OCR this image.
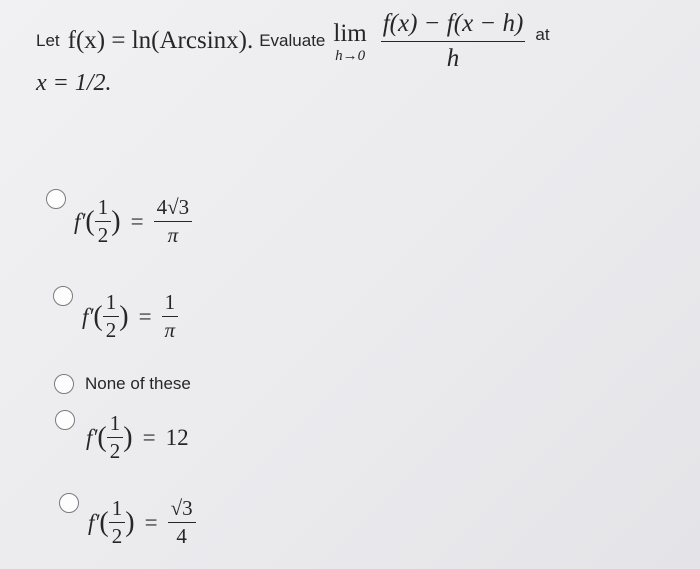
Let f(x) = ln(Arcsinx). Evaluate lim
$h\to 0 \frac{f(x) - f(x - h)}{h}$ at
x = 1/2.
f′ ( $\frac{1}{2}$ ) = $\frac{4√3}{\pi}$
f′ ( $\frac{1}{2}$ ) = $\frac{1}{\pi}$
None of these
f′ ( $\frac{1}{2}$ ) = 12
f′ ( $\frac{1}{2}$ ) = $\frac{√3}{4}$
